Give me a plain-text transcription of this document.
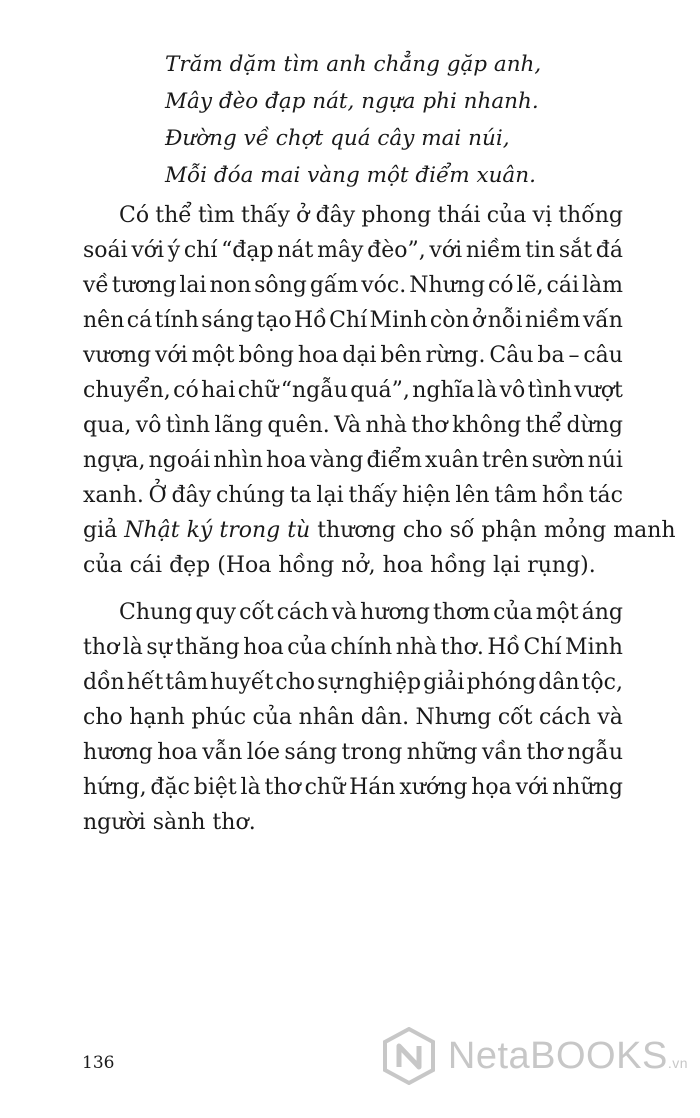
Trăm dặm tìm anh chẳng gặp anh,
Mây đèo đạp nát, ngựa phi nhanh.
Đường về chợt quá cây mai núi,
Mỗi đóa mai vàng một điểm xuân.
Có thể tìm thấy ở đây phong thái của vị thống
soái với ý chí “đạp nát mây đèo”, với niềm tin sắt đá
về tương lai non sông gấm vóc. Nhưng có lẽ, cái làm
nên cá tính sáng tạo Hồ Chí Minh còn ở nỗi niềm vấn
vương với một bông hoa dại bên rừng. Câu ba – câu
chuyển, có hai chữ “ngẫu quá”, nghĩa là vô tình vượt
qua, vô tình lãng quên. Và nhà thơ không thể dừng
ngựa, ngoái nhìn hoa vàng điểm xuân trên sườn núi
xanh. Ở đây chúng ta lại thấy hiện lên tâm hồn tác
giả Nhật ký trong tù thương cho số phận mỏng manh
của cái đẹp (Hoa hồng nở, hoa hồng lại rụng).
Chung quy cốt cách và hương thơm của một áng
thơ là sự thăng hoa của chính nhà thơ. Hồ Chí Minh
dồn hết tâm huyết cho sự nghiệp giải phóng dân tộc,
cho hạnh phúc của nhân dân. Nhưng cốt cách và
hương hoa vẫn lóe sáng trong những vần thơ ngẫu
hứng, đặc biệt là thơ chữ Hán xướng họa với những
người sành thơ.
136	NetaBOOKS.vn
